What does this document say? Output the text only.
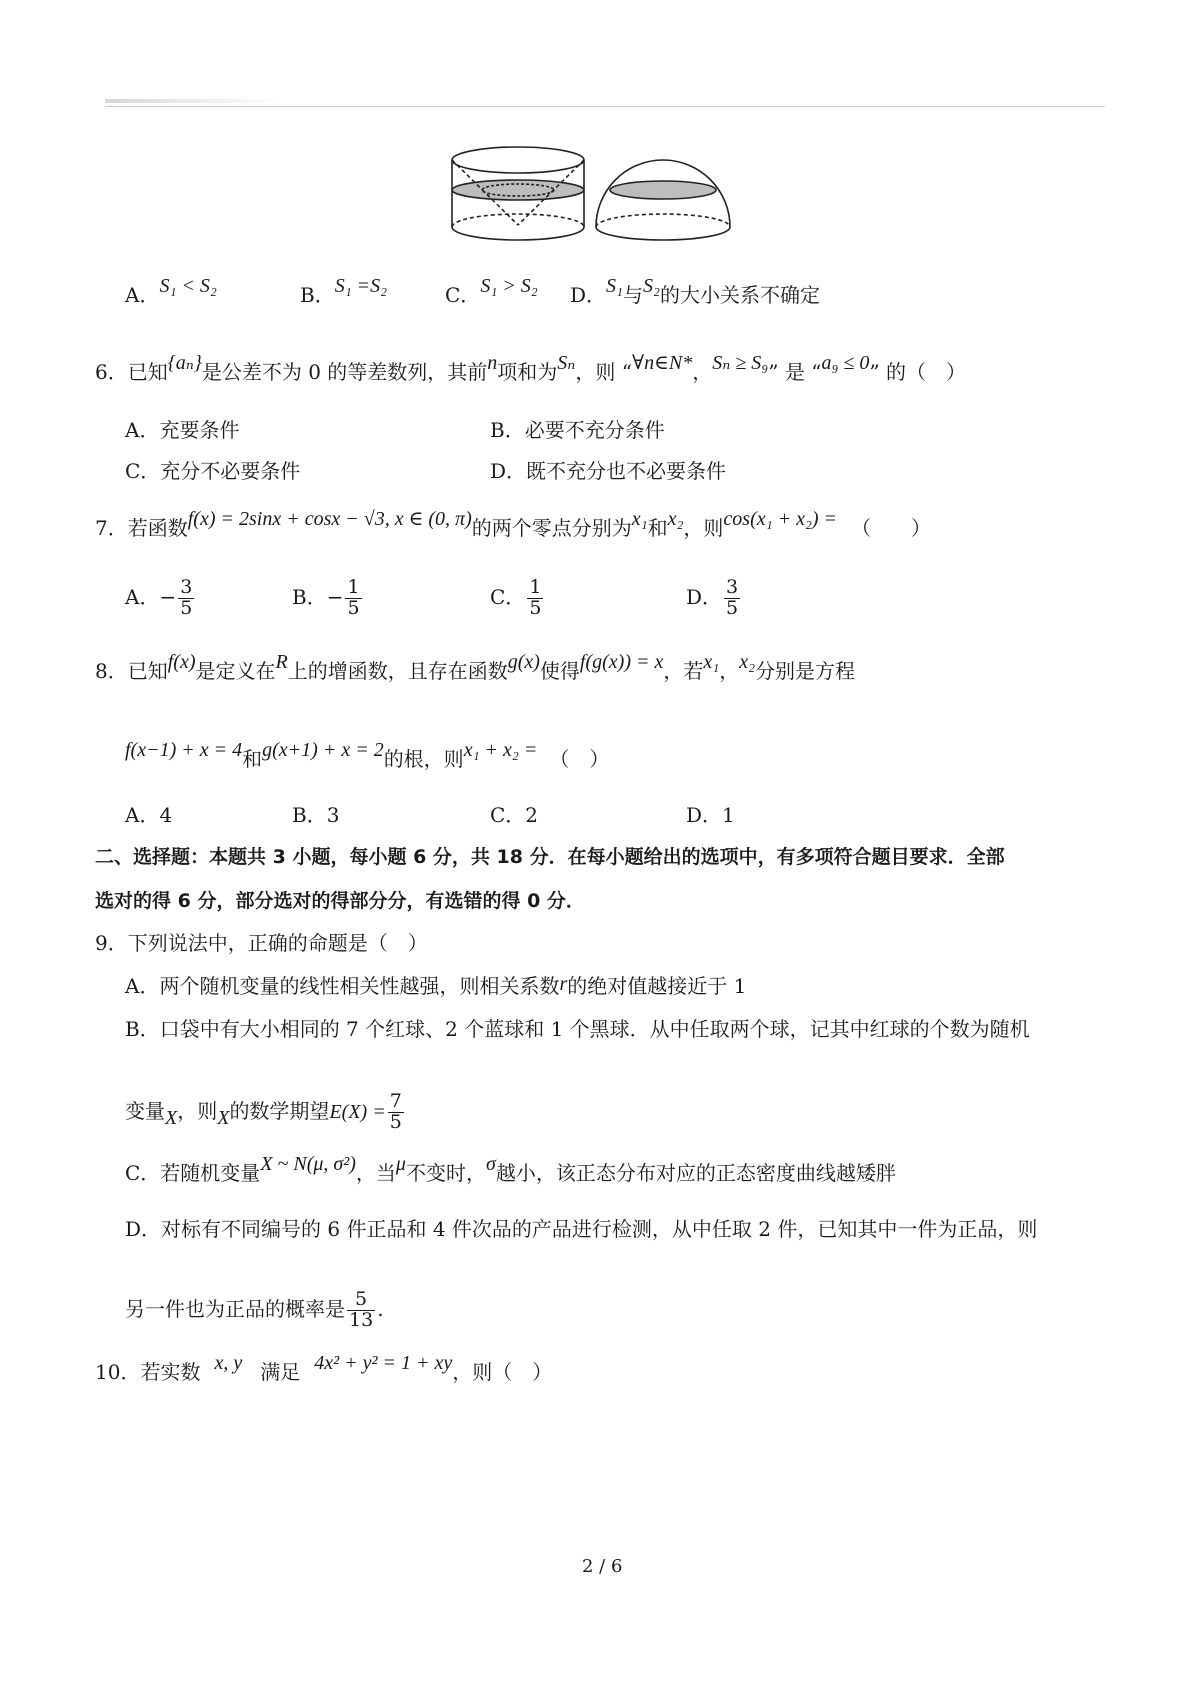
A．S₁ < S₂	B．S₁ =S₂	C．S₁ > S₂ D．S₁与S₂的大小关系不确定
6．已知{aₙ}是公差不为 0 的等差数列，其前n项和为Sₙ，则 “∀n∈N*，Sₙ ≥ S₉” 是 “a₉ ≤ 0” 的（　）
A．充要条件	B．必要不充分条件
C．充分不必要条件	D．既不充分也不必要条件
7．若函数f(x) = 2sinx + cosx − √3, x ∈ (0, π)的两个零点分别为x₁和x₂，则cos(x₁ + x₂) = （　　）
A．− $\frac{3}{5}$	B．− $\frac{1}{5}$	C． $\frac{1}{5}$	D． $\frac{3}{5}$
8．已知f(x)是定义在R上的增函数，且存在函数g(x)使得f(g(x)) = x，若x₁，x₂分别是方程
f(x−1) + x = 4和g(x+1) + x = 2的根，则x₁ + x₂ = （　）
A．4	B．3	C．2	D．1
二、选择题：本题共 3 小题，每小题 6 分，共 18 分．在每小题给出的选项中，有多项符合题目要求．全部
选对的得 6 分，部分选对的得部分分，有选错的得 0 分．
9．下列说法中，正确的命题是（　）
A．两个随机变量的线性相关性越强，则相关系数r的绝对值越接近于 1
B．口袋中有大小相同的 7 个红球、2 个蓝球和 1 个黑球．从中任取两个球，记其中红球的个数为随机
变量X，则X的数学期望$E(X) = \frac{7}{5}$
C．若随机变量X ~ N(μ, σ²)，当μ不变时，σ越小，该正态分布对应的正态密度曲线越矮胖
D．对标有不同编号的 6 件正品和 4 件次品的产品进行检测，从中任取 2 件，已知其中一件为正品，则
另一件也为正品的概率是 $\frac{5}{13}$ .
10．若实数 x, y 满足 4x² + y² = 1 + xy，则（　）
2 / 6
